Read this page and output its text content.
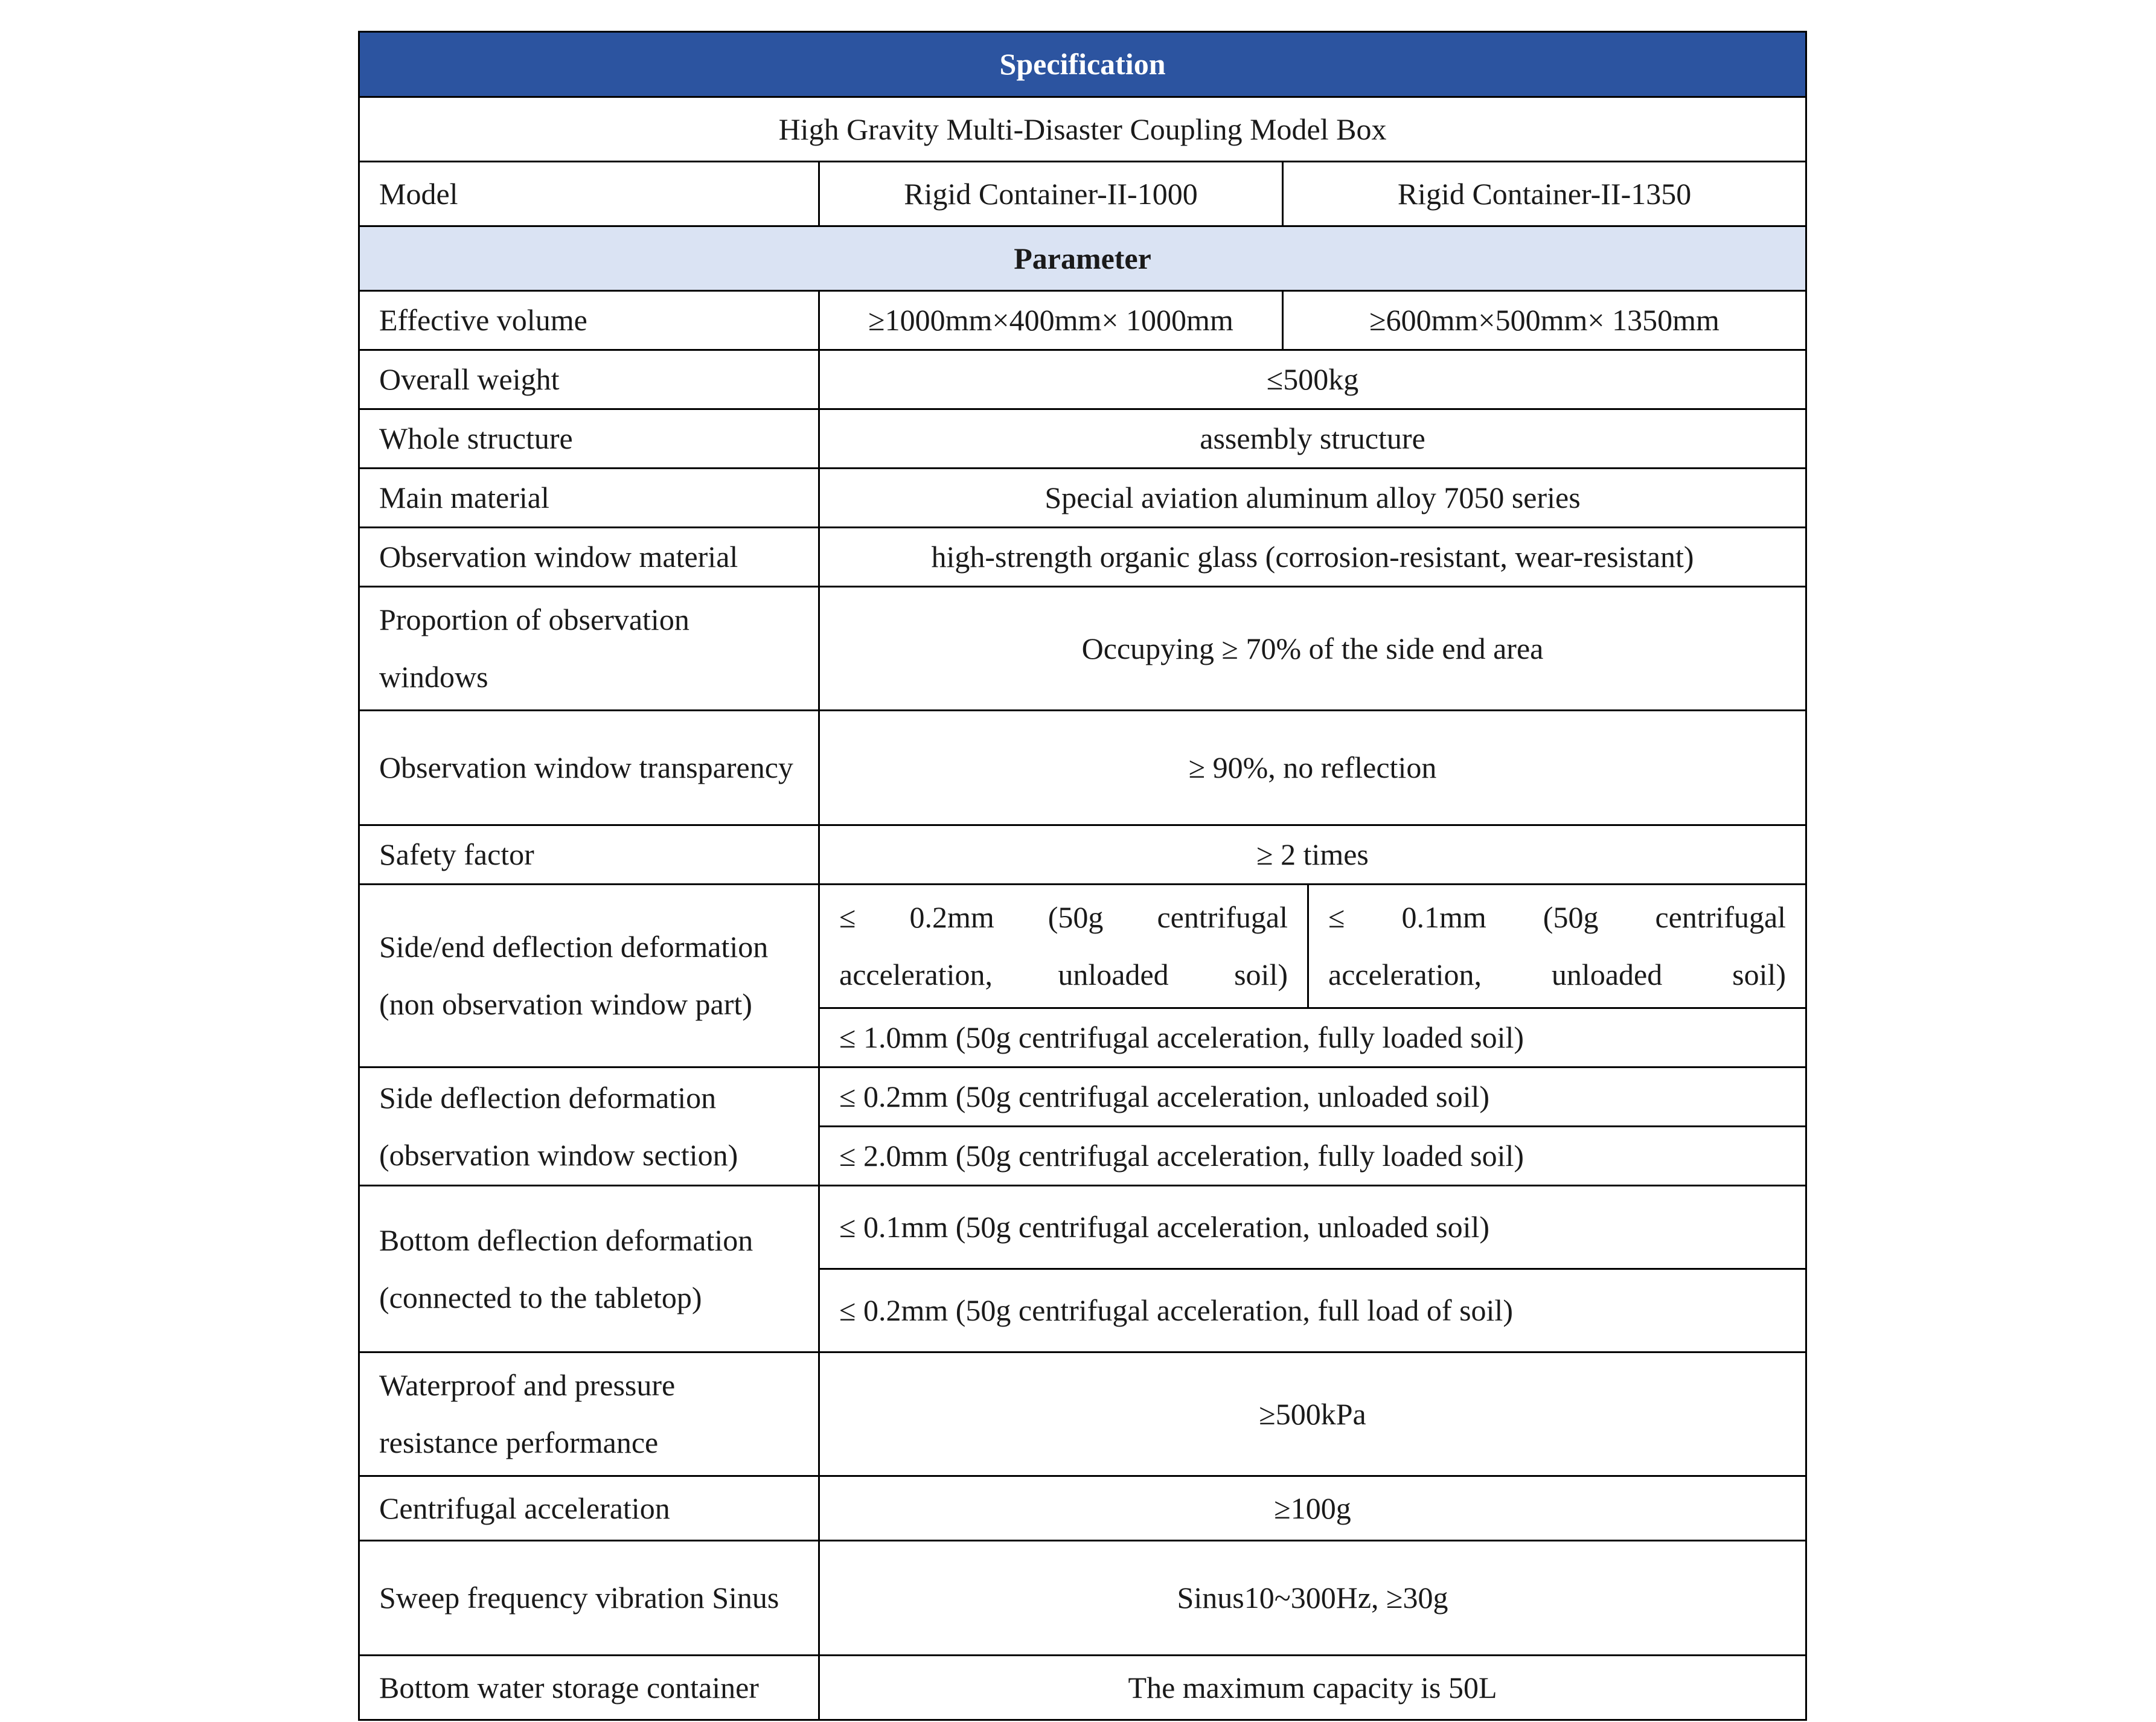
Specification			
High Gravity Multi-Disaster Coupling Model Box			
Model	Rigid Container-II-1000	Rigid Container-II-1350	
Parameter			
Effective volume	≥1000mm×400mm× 1000mm	≥600mm×500mm× 1350mm	
Overall weight	≤500kg		
Whole structure	assembly structure		
Main material	Special aviation aluminum alloy 7050 series		
Observation window material	high-strength organic glass (corrosion-resistant, wear-resistant)		
Proportion of observation windows	Occupying ≥ 70% of the side end area		
Observation window transparency	≥ 90%, no reflection		
Safety factor	≥ 2 times		
Side/end deflection deformation (non observation window part)	≤ 0.2mm (50g centrifugal acceleration, unloaded soil)		≤ 0.1mm (50g centrifugal acceleration, unloaded soil)
	≤ 1.0mm (50g centrifugal acceleration, fully loaded soil)		
Side deflection deformation (observation window section)	≤ 0.2mm (50g centrifugal acceleration, unloaded soil)		
	≤ 2.0mm (50g centrifugal acceleration, fully loaded soil)		
Bottom deflection deformation (connected to the tabletop)	≤ 0.1mm (50g centrifugal acceleration, unloaded soil)		
	≤ 0.2mm (50g centrifugal acceleration, full load of soil)		
Waterproof and pressure resistance performance	≥500kPa		
Centrifugal acceleration	≥100g		
Sweep frequency vibration Sinus	Sinus10~300Hz, ≥30g		
Bottom water storage container	The maximum capacity is 50L		
